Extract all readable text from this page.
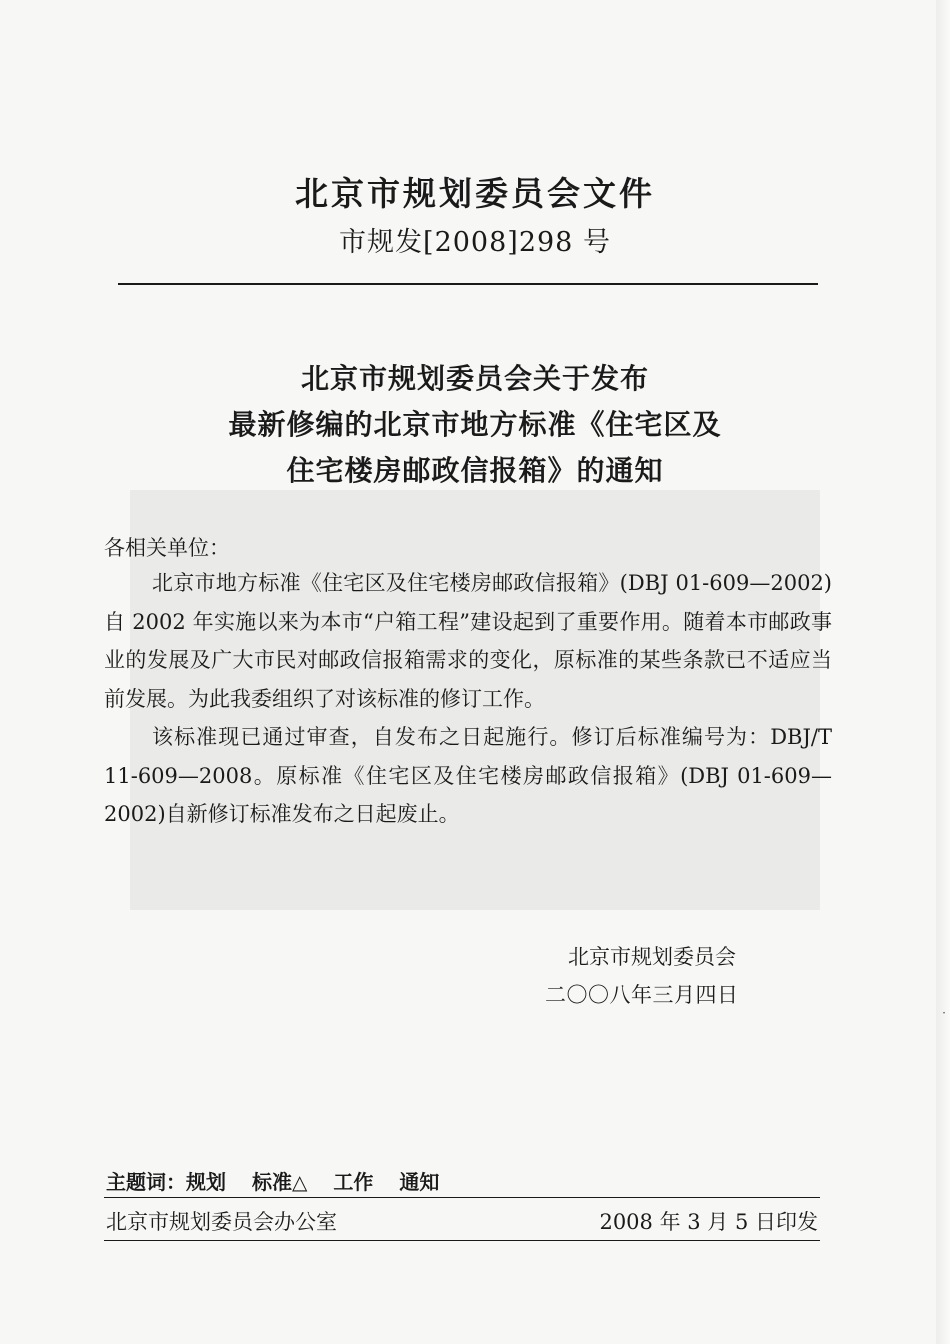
北京市规划委员会文件
市规发[2008]298 号
北京市规划委员会关于发布
最新修编的北京市地方标准《住宅区及
住宅楼房邮政信报箱》的通知
各相关单位：

北京市地方标准《住宅区及住宅楼房邮政信报箱》(DBJ 01-609—2002)自 2002 年实施以来为本市“户箱工程”建设起到了重要作用。随着本市邮政事业的发展及广大市民对邮政信报箱需求的变化，原标准的某些条款已不适应当前发展。为此我委组织了对该标准的修订工作。

该标准现已通过审查，自发布之日起施行。修订后标准编号为：DBJ/T 11-609—2008。原标准《住宅区及住宅楼房邮政信报箱》(DBJ 01-609—2002)自新修订标准发布之日起废止。

北京市规划委员会
二〇〇八年三月四日
主题词：规划 标准△ 工作 通知
北京市规划委员会办公室	2008 年 3 月 5 日印发
·
